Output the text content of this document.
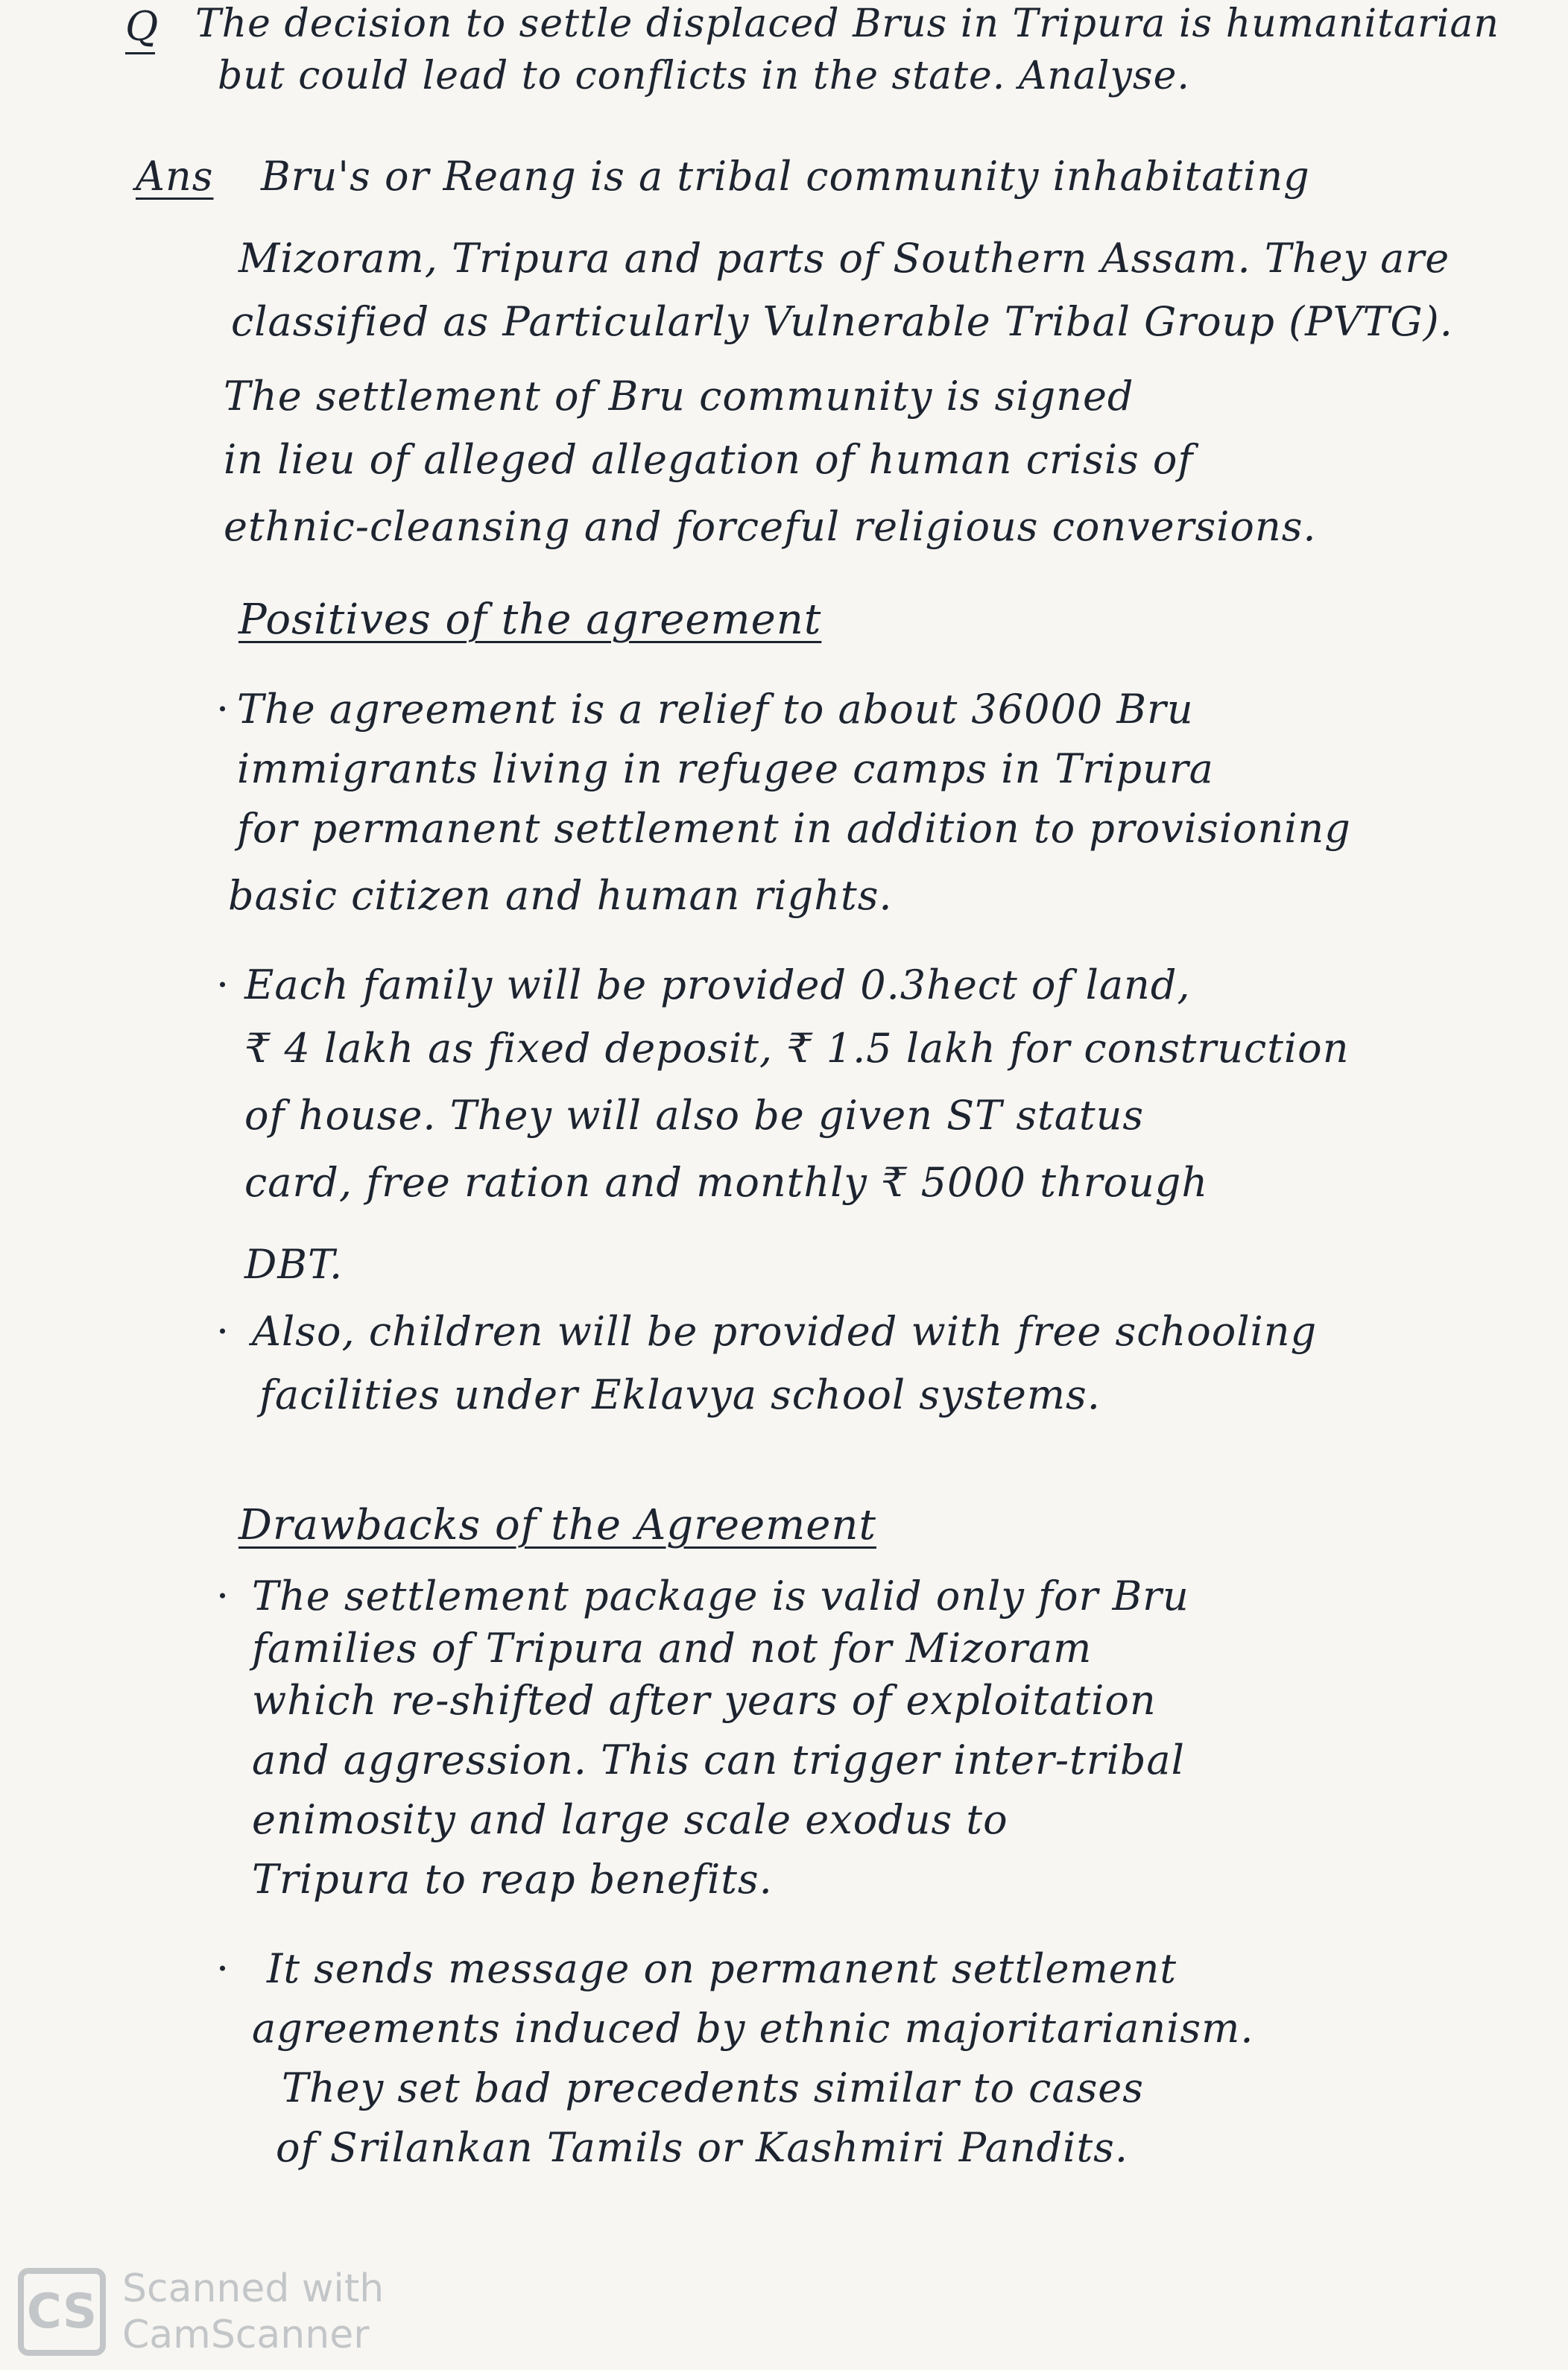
Q The decision to settle displaced Brus in Tripura is humanitarian
but could lead to conflicts in the state. Analyse.
Ans Bru's or Reang is a tribal community inhabitating
Mizoram, Tripura and parts of Southern Assam. They are
classified as Particularly Vulnerable Tribal Group (PVTG).
The settlement of Bru community is signed
in lieu of alleged allegation of human crisis of
ethnic-cleansing and forceful religious conversions.
Positives of the agreement
· The agreement is a relief to about 36000 Bru
immigrants living in refugee camps in Tripura
for permanent settlement in addition to provisioning
basic citizen and human rights.
· Each family will be provided 0.3hect of land,
₹ 4 lakh as fixed deposit, ₹ 1.5 lakh for construction
of house. They will also be given ST status
card, free ration and monthly ₹ 5000 through
DBT.
· Also, children will be provided with free schooling
facilities under Eklavya school systems.
Drawbacks of the Agreement
· The settlement package is valid only for Bru
families of Tripura and not for Mizoram
which re-shifted after years of exploitation
and aggression. This can trigger inter-tribal
enimosity and large scale exodus to
Tripura to reap benefits.
· It sends message on permanent settlement
agreements induced by ethnic majoritarianism.
They set bad precedents similar to cases
of Srilankan Tamils or Kashmiri Pandits.
CS Scanned with
CamScanner
